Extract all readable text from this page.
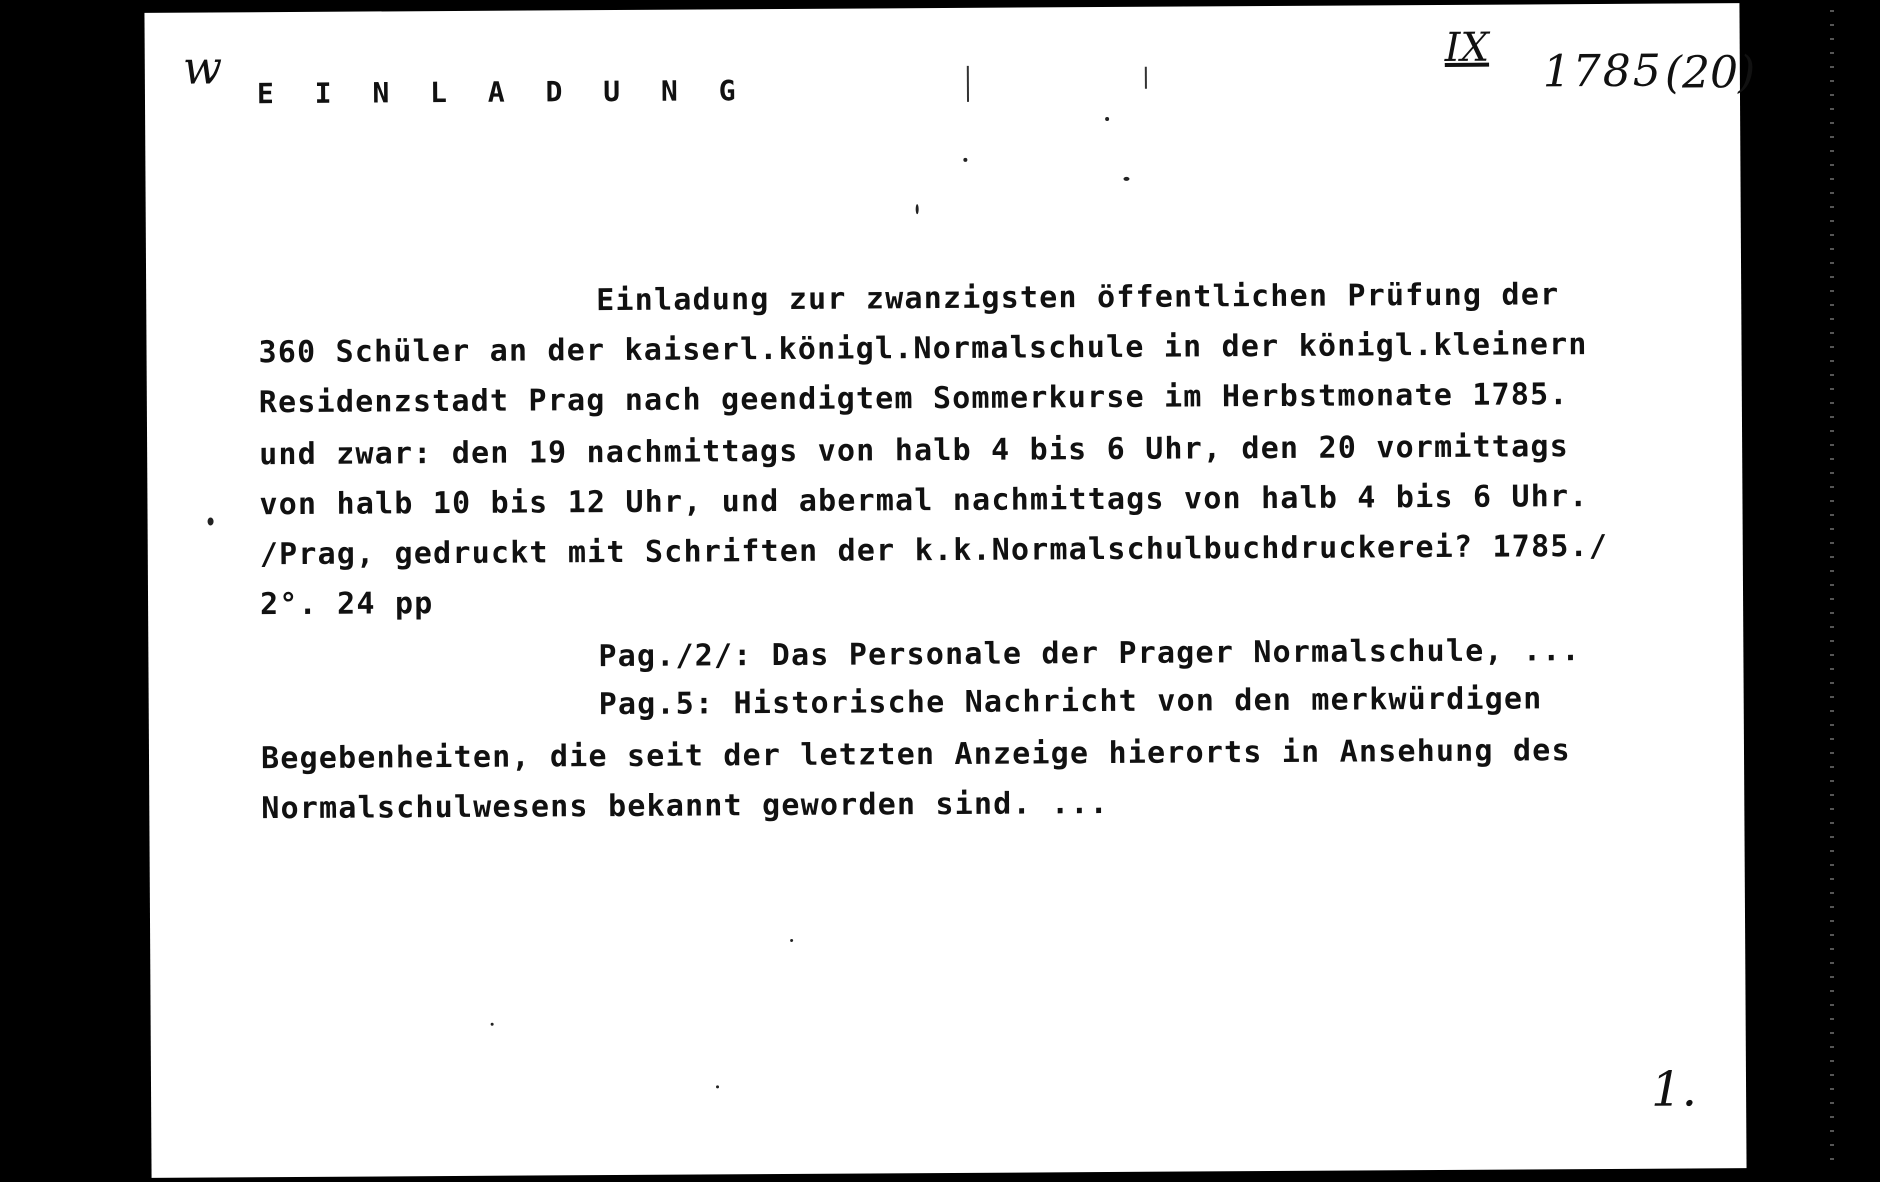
w	IX 1785 (20)
E I N L A D U N G
Einladung zur zwanzigsten öffentlichen Prüfung der
360 Schüler an der kaiserl.königl.Normalschule in der königl.kleinern
Residenzstadt Prag nach geendigtem Sommerkurse im Herbstmonate 1785.
und zwar: den 19 nachmittags von halb 4 bis 6 Uhr, den 20 vormittags
von halb 10 bis 12 Uhr, und abermal nachmittags von halb 4 bis 6 Uhr.
/Prag, gedruckt mit Schriften der k.k.Normalschulbuchdruckerei? 1785./
2°. 24 pp
Pag./2/: Das Personale der Prager Normalschule, ...
Pag.5: Historische Nachricht von den merkwürdigen
Begebenheiten, die seit der letzten Anzeige hierorts in Ansehung des
Normalschulwesens bekannt geworden sind. ...
1.
